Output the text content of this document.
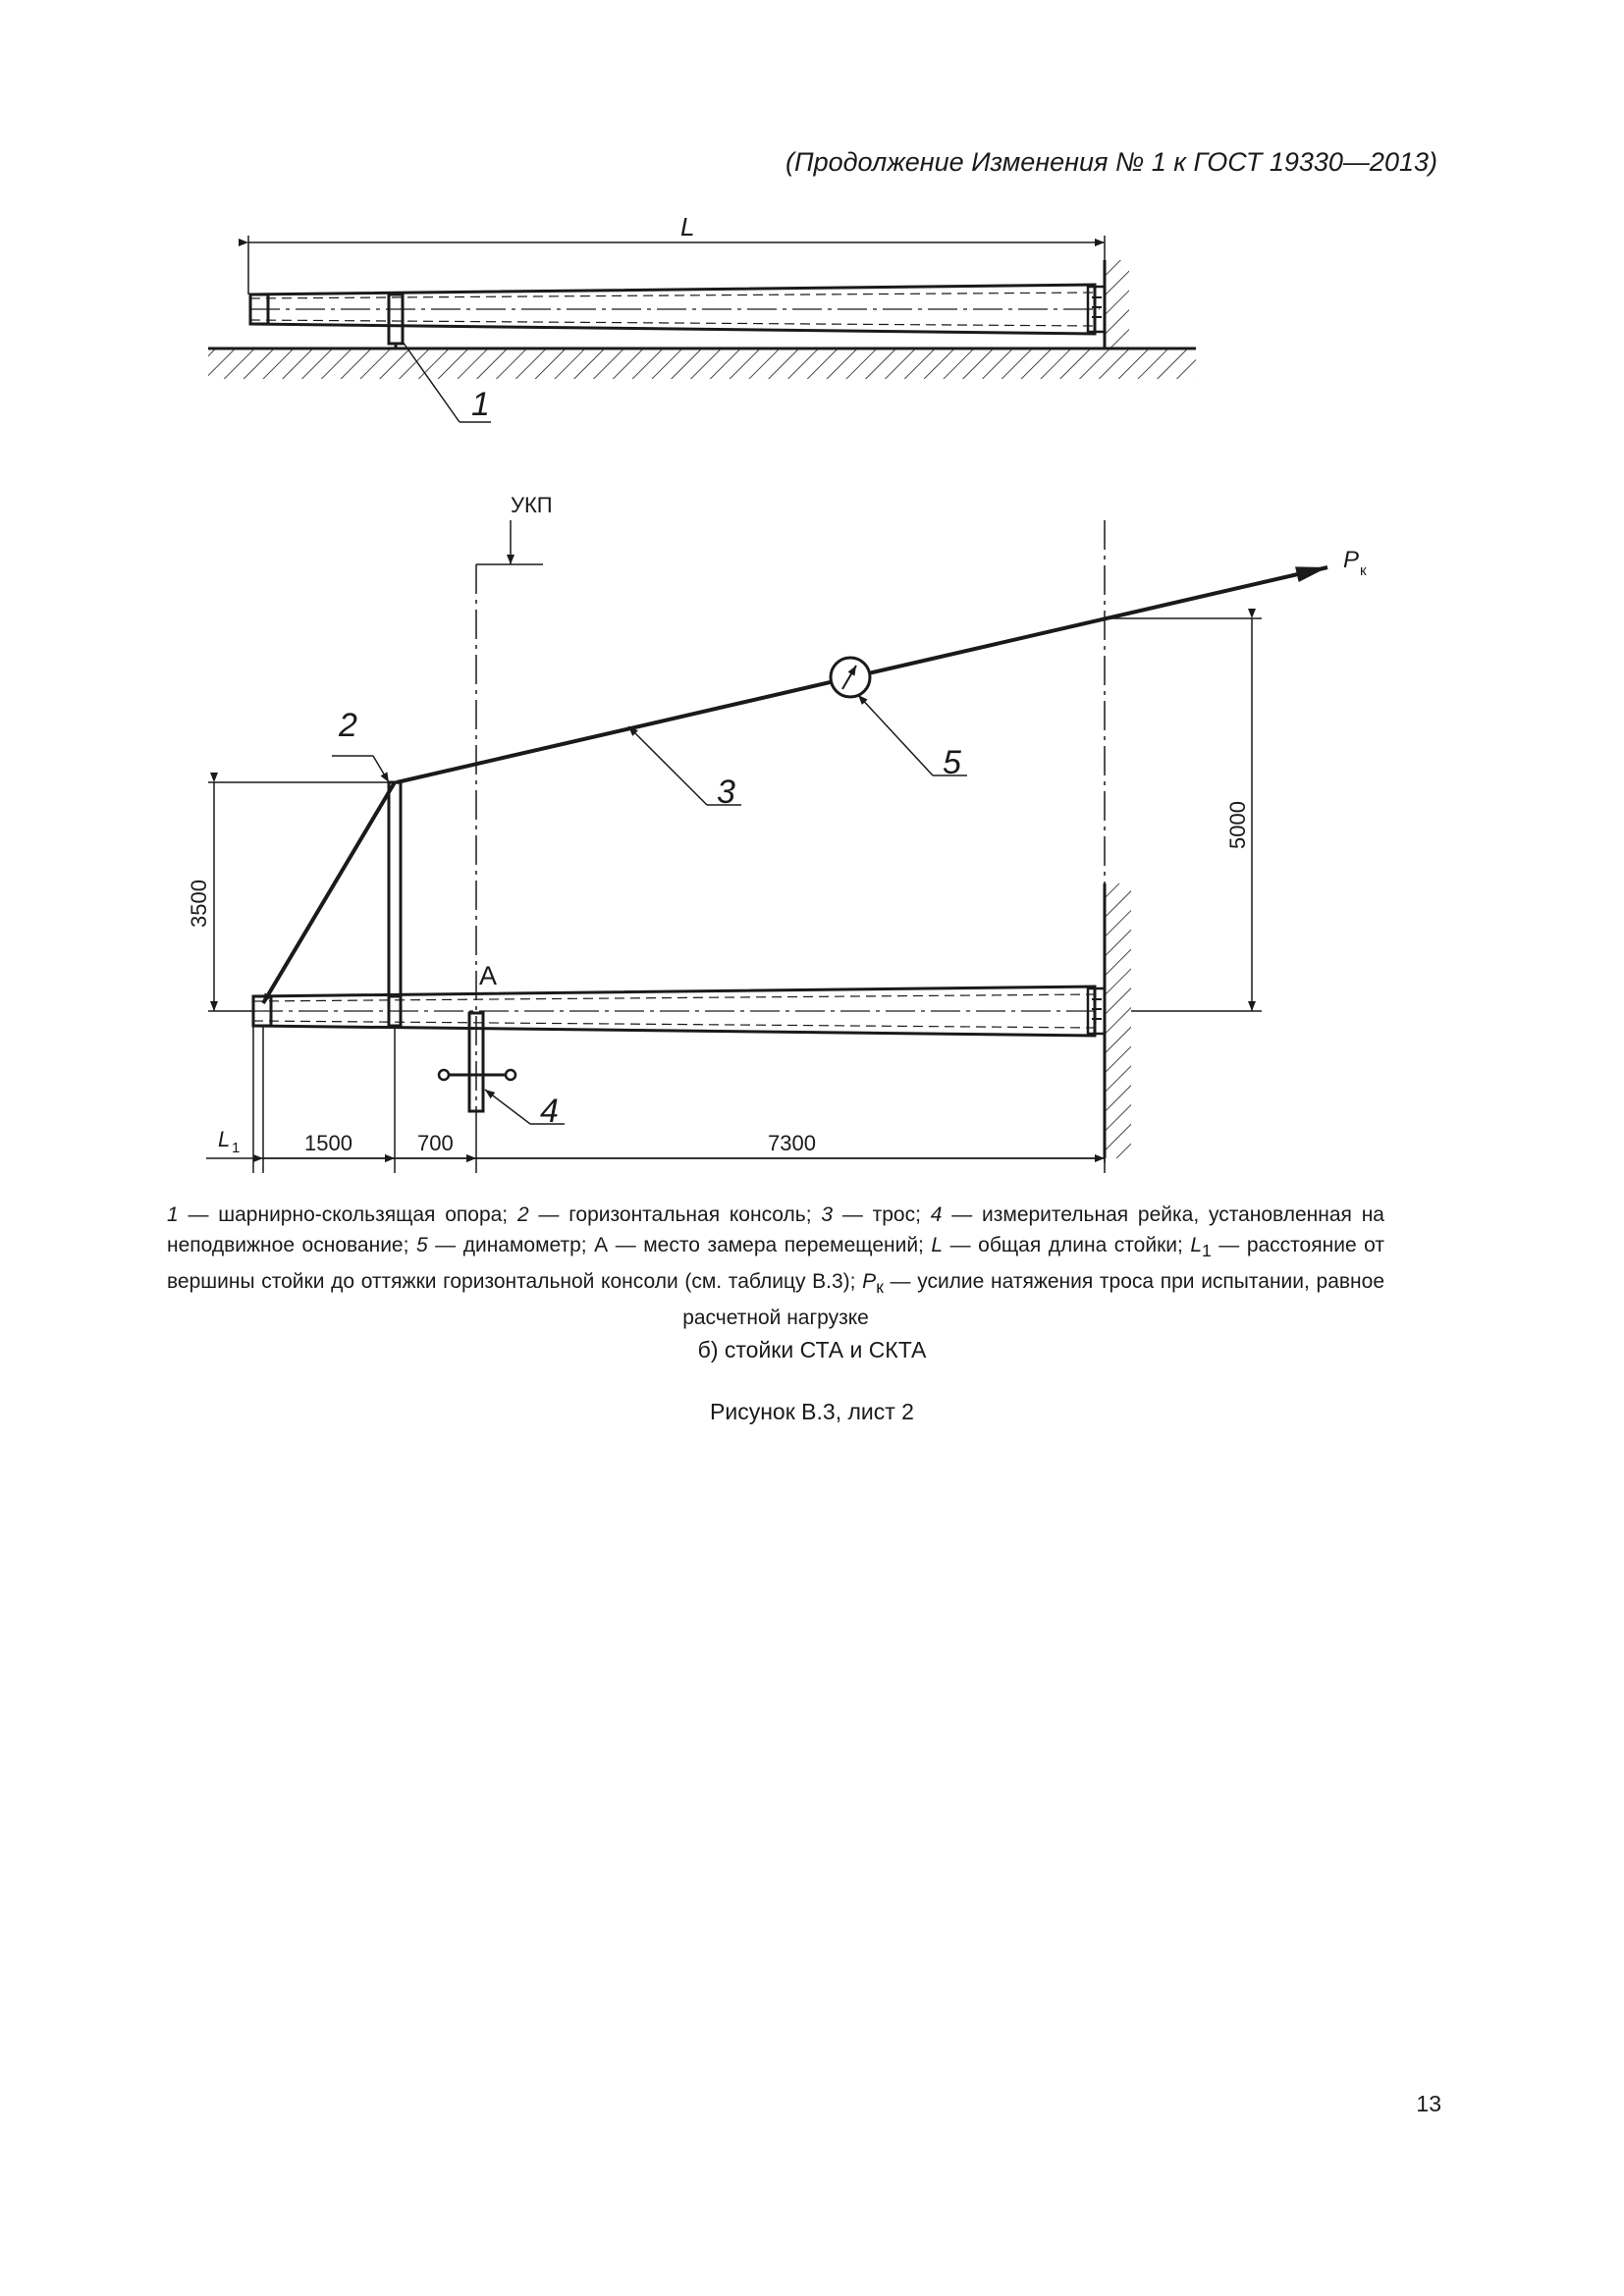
(Продолжение Изменения № 1 к ГОСТ 19330—2013)
L
1
УКП
P к
2
3
4
5
А
3500
5000
L 1	1500	700	7300
1 — шарнирно-скользящая опора; 2 — горизонтальная консоль; 3 — трос; 4 — измерительная рейка, установленная на неподвижное основание; 5 — динамометр; А — место замера перемещений; L — общая длина стойки; $L_1$ — расстояние от вершины стойки до оттяжки горизонтальной консоли (см. таблицу В.3); $P_к$ — усилие натяжения троса при испытании, равное расчетной нагрузке
б) стойки СТА и СКТА
Рисунок В.3, лист 2
13
